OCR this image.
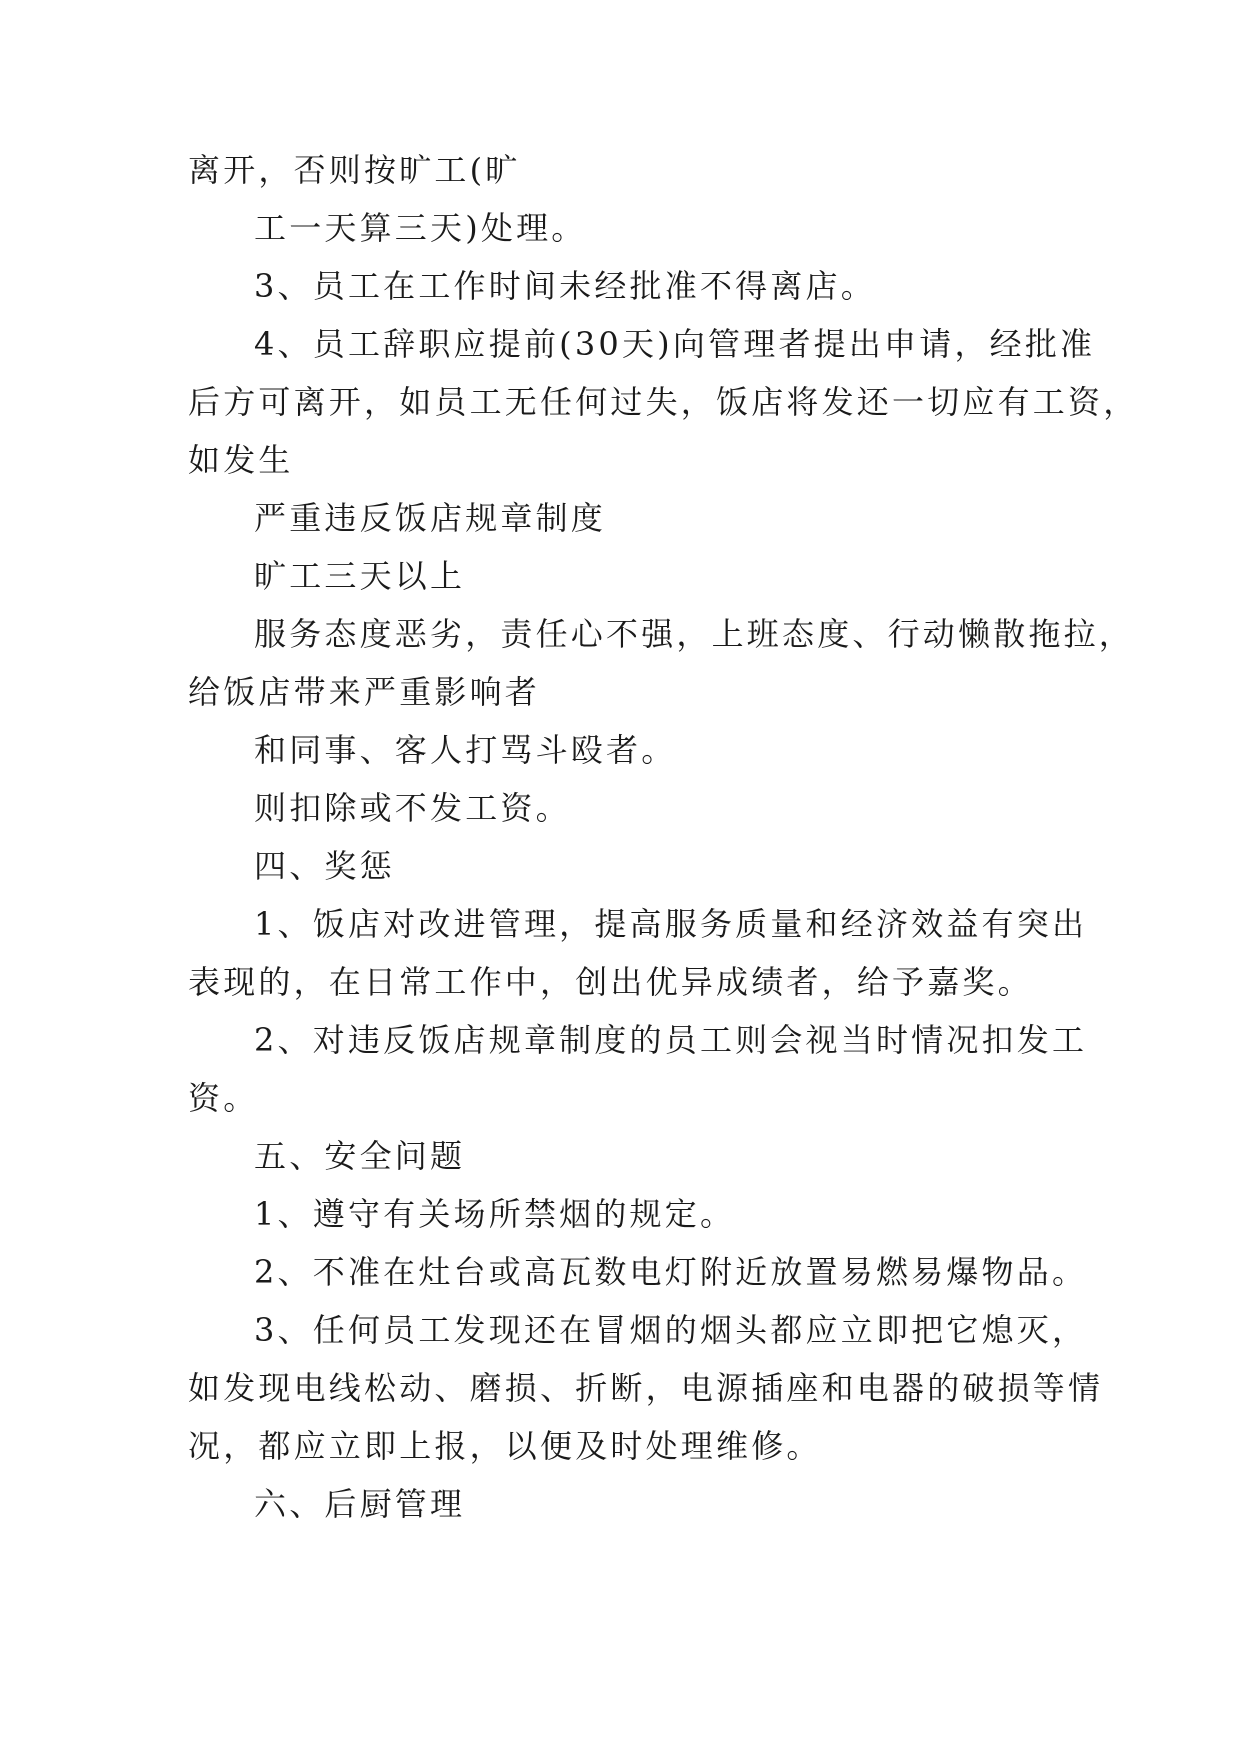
离开，否则按旷工(旷

工一天算三天)处理。

3、员工在工作时间未经批准不得离店。

4、员工辞职应提前(30天)向管理者提出申请，经批准

后方可离开，如员工无任何过失，饭店将发还一切应有工资，

如发生

严重违反饭店规章制度

旷工三天以上

服务态度恶劣，责任心不强，上班态度、行动懒散拖拉，

给饭店带来严重影响者

和同事、客人打骂斗殴者。

则扣除或不发工资。

四、奖惩

1、饭店对改进管理，提高服务质量和经济效益有突出

表现的，在日常工作中，创出优异成绩者，给予嘉奖。

2、对违反饭店规章制度的员工则会视当时情况扣发工

资。

五、安全问题

1、遵守有关场所禁烟的规定。

2、不准在灶台或高瓦数电灯附近放置易燃易爆物品。

3、任何员工发现还在冒烟的烟头都应立即把它熄灭，

如发现电线松动、磨损、折断，电源插座和电器的破损等情

况，都应立即上报，以便及时处理维修。

六、后厨管理
